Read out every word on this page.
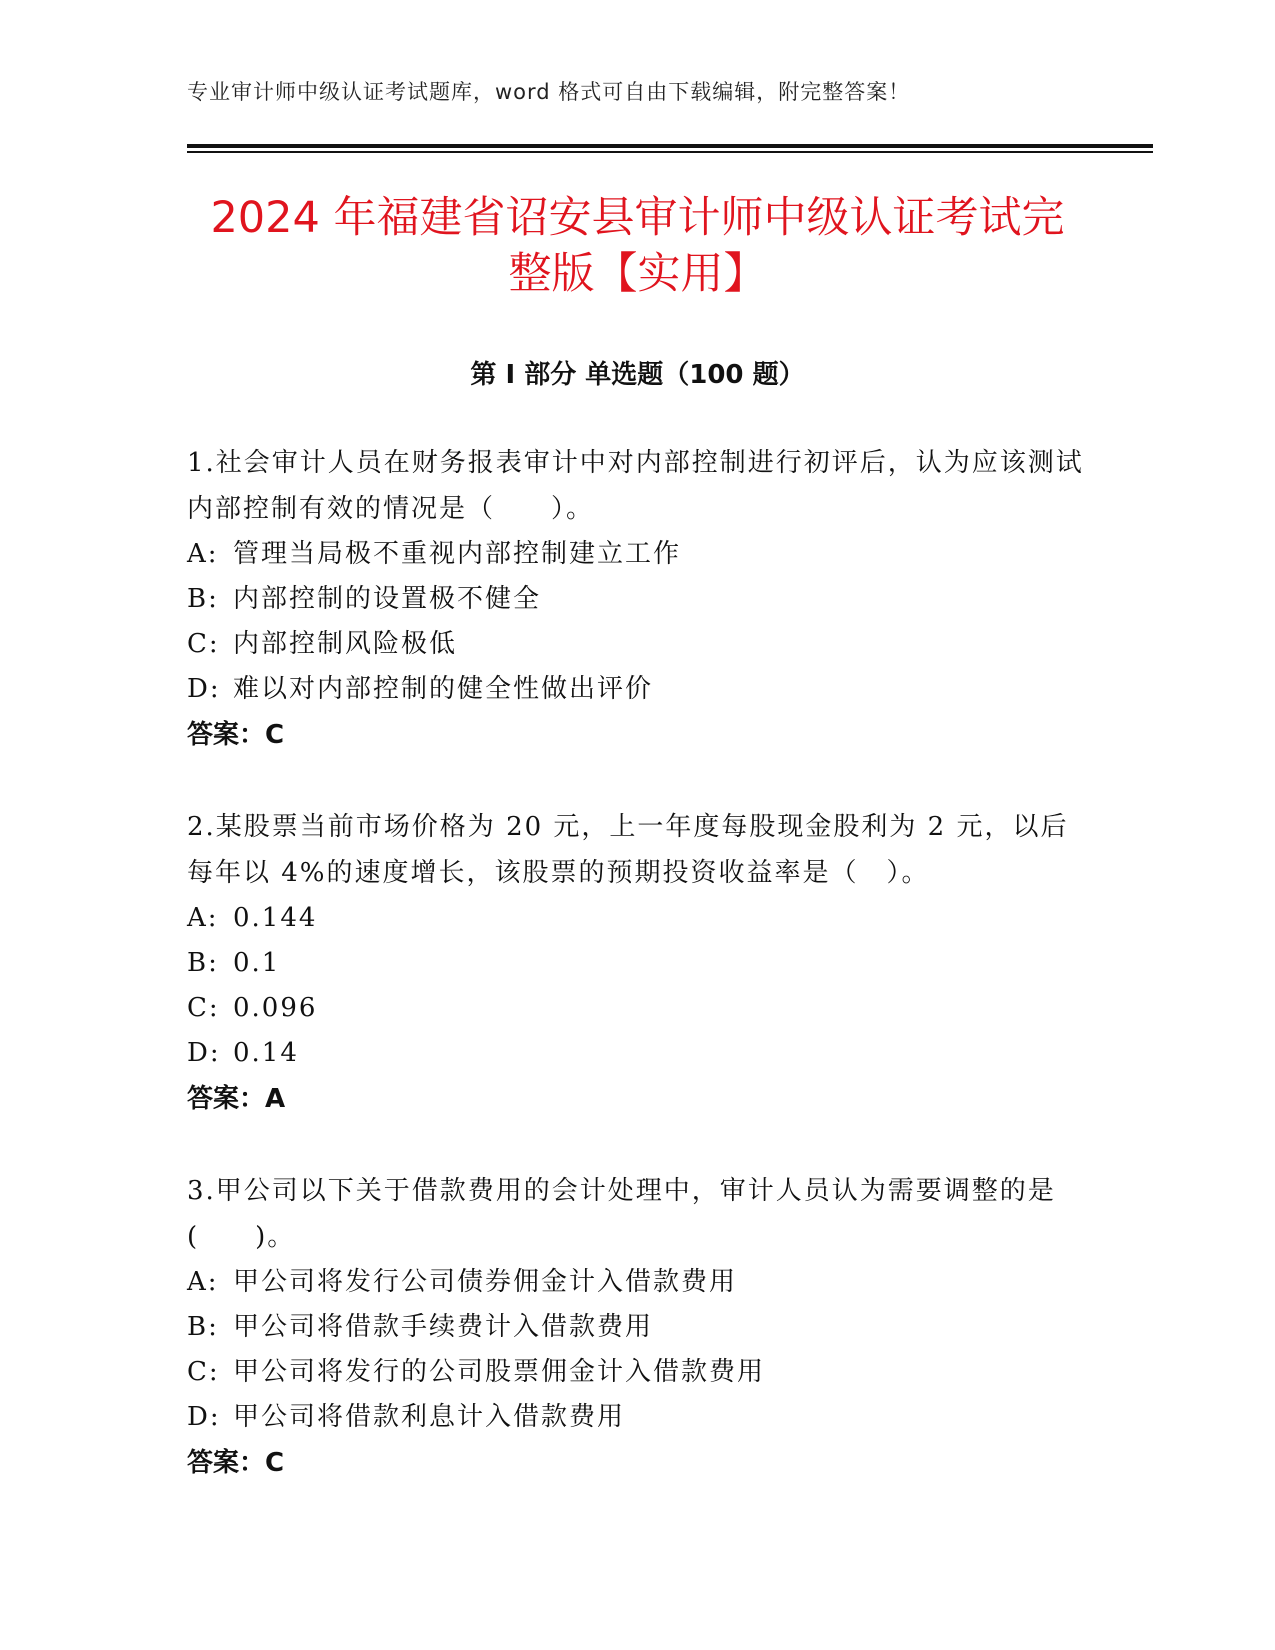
专业审计师中级认证考试题库，word 格式可自由下载编辑，附完整答案！
2024 年福建省诏安县审计师中级认证考试完
整版【实用】
第 I 部分 单选题（100 题）

1.社会审计人员在财务报表审计中对内部控制进行初评后，认为应该测试内部控制有效的情况是（　　）。

A: 管理当局极不重视内部控制建立工作
B: 内部控制的设置极不健全
C: 内部控制风险极低
D: 难以对内部控制的健全性做出评价
答案：C

2.某股票当前市场价格为 20 元，上一年度每股现金股利为 2 元，以后每年以 4%的速度增长，该股票的预期投资收益率是（　）。

A: 0.144
B: 0.1
C: 0.096
D: 0.14
答案：A

3.甲公司以下关于借款费用的会计处理中，审计人员认为需要调整的是(　　)。

A: 甲公司将发行公司债券佣金计入借款费用
B: 甲公司将借款手续费计入借款费用
C: 甲公司将发行的公司股票佣金计入借款费用
D: 甲公司将借款利息计入借款费用
答案：C
